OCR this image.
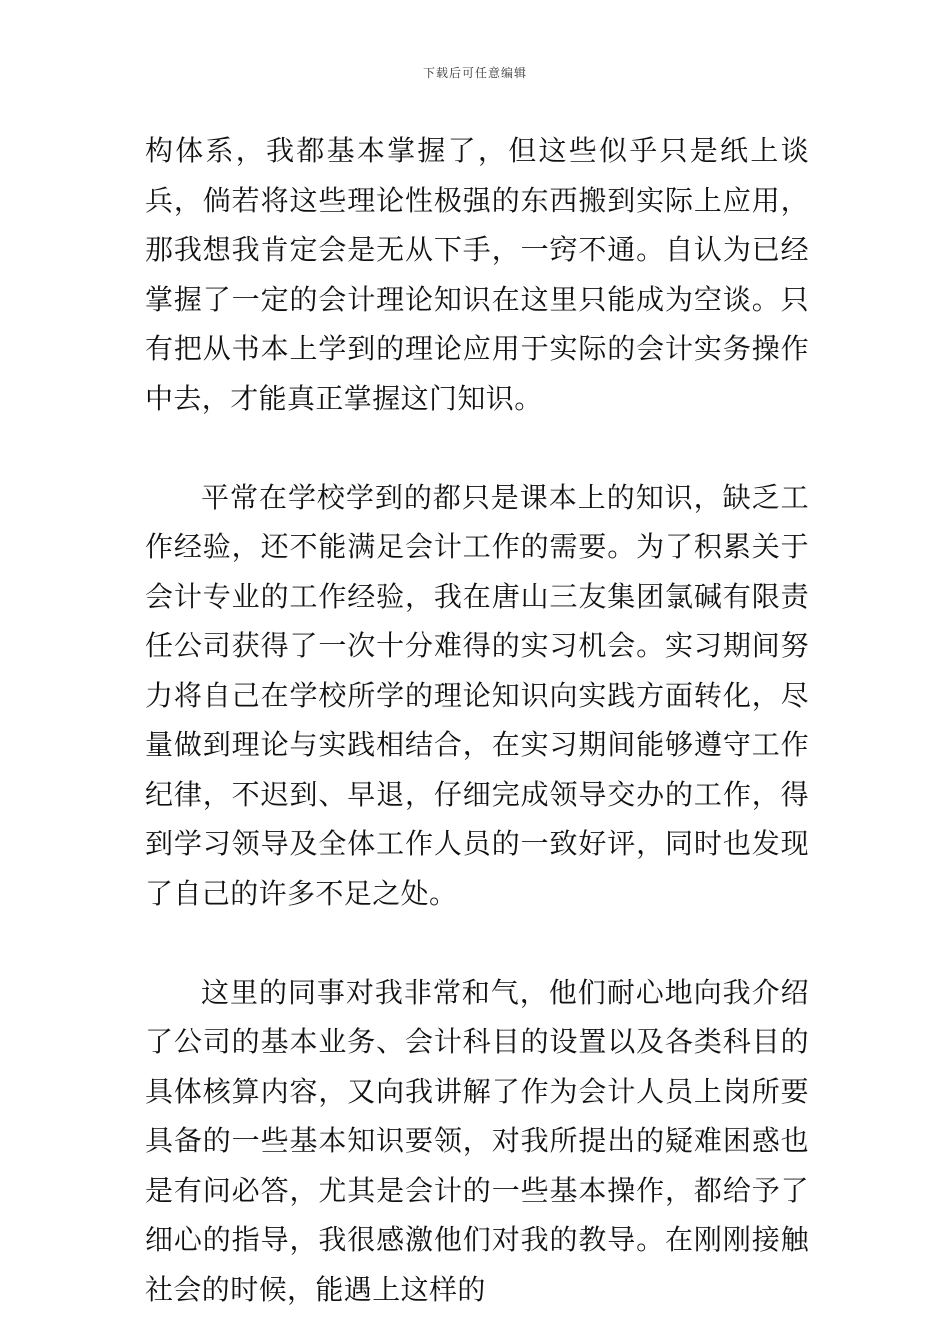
下载后可任意编辑

构体系，我都基本掌握了，但这些似乎只是纸上谈兵，倘若将这些理论性极强的东西搬到实际上应用，那我想我肯定会是无从下手，一窍不通。自认为已经掌握了一定的会计理论知识在这里只能成为空谈。只有把从书本上学到的理论应用于实际的会计实务操作中去，才能真正掌握这门知识。

平常在学校学到的都只是课本上的知识，缺乏工作经验，还不能满足会计工作的需要。为了积累关于会计专业的工作经验，我在唐山三友集团氯碱有限责任公司获得了一次十分难得的实习机会。实习期间努力将自己在学校所学的理论知识向实践方面转化，尽量做到理论与实践相结合，在实习期间能够遵守工作纪律，不迟到、早退，仔细完成领导交办的工作，得到学习领导及全体工作人员的一致好评，同时也发现了自己的许多不足之处。

这里的同事对我非常和气，他们耐心地向我介绍了公司的基本业务、会计科目的设置以及各类科目的具体核算内容，又向我讲解了作为会计人员上岗所要具备的一些基本知识要领，对我所提出的疑难困惑也是有问必答，尤其是会计的一些基本操作，都给予了细心的指导，我很感激他们对我的教导。在刚刚接触社会的时候，能遇上这样的
